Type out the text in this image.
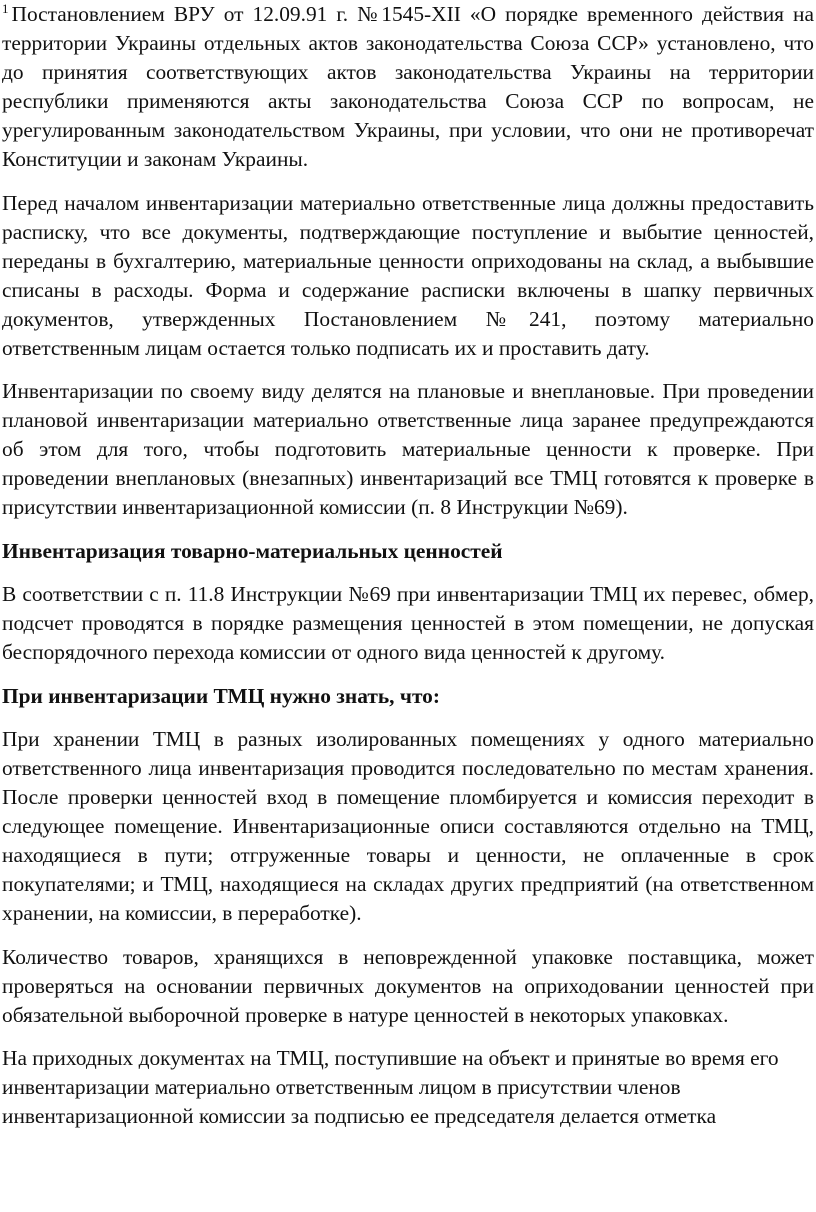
$^1$ Постановлением ВРУ от 12.09.91 г. №1545-XII «О порядке временного действия на территории Украины отдельных актов законодательства Союза ССР» установлено, что до принятия соответствующих актов законодательства Украины на территории республики применяются акты законодательства Союза ССР по вопросам, не урегулированным законодательством Украины, при условии, что они не противоречат Конституции и законам Украины.

Перед началом инвентаризации материально ответственные лица должны предоставить расписку, что все документы, подтверждающие поступление и выбытие ценностей, переданы в бухгалтерию, материальные ценности оприходованы на склад, а выбывшие списаны в расходы. Форма и содержание расписки включены в шапку первичных документов, утвержденных Постановлением №241, поэтому материально ответственным лицам остается только подписать их и проставить дату.

Инвентаризации по своему виду делятся на плановые и внеплановые. При проведении плановой инвентаризации материально ответственные лица заранее предупреждаются об этом для того, чтобы подготовить материальные ценности к проверке. При проведении внеплановых (внезапных) инвентаризаций все ТМЦ готовятся к проверке в присутствии инвентаризационной комиссии (п. 8 Инструкции №69).

Инвентаризация товарно-материальных ценностей

В соответствии с п. 11.8 Инструкции №69 при инвентаризации ТМЦ их перевес, обмер, подсчет проводятся в порядке размещения ценностей в этом помещении, не допуская беспорядочного перехода комиссии от одного вида ценностей к другому.

При инвентаризации ТМЦ нужно знать, что:

При хранении ТМЦ в разных изолированных помещениях у одного материально ответственного лица инвентаризация проводится последовательно по местам хранения. После проверки ценностей вход в помещение пломбируется и комиссия переходит в следующее помещение. Инвентаризационные описи составляются отдельно на ТМЦ, находящиеся в пути; отгруженные товары и ценности, не оплаченные в срок покупателями; и ТМЦ, находящиеся на складах других предприятий (на ответственном хранении, на комиссии, в переработке).

Количество товаров, хранящихся в неповрежденной упаковке поставщика, может проверяться на основании первичных документов на оприходовании ценностей при обязательной выборочной проверке в натуре ценностей в некоторых упаковках.

На приходных документах на ТМЦ, поступившие на объект и принятые во время его инвентаризации материально ответственным лицом в присутствии членов инвентаризационной комиссии за подписью ее председателя делается отметка
